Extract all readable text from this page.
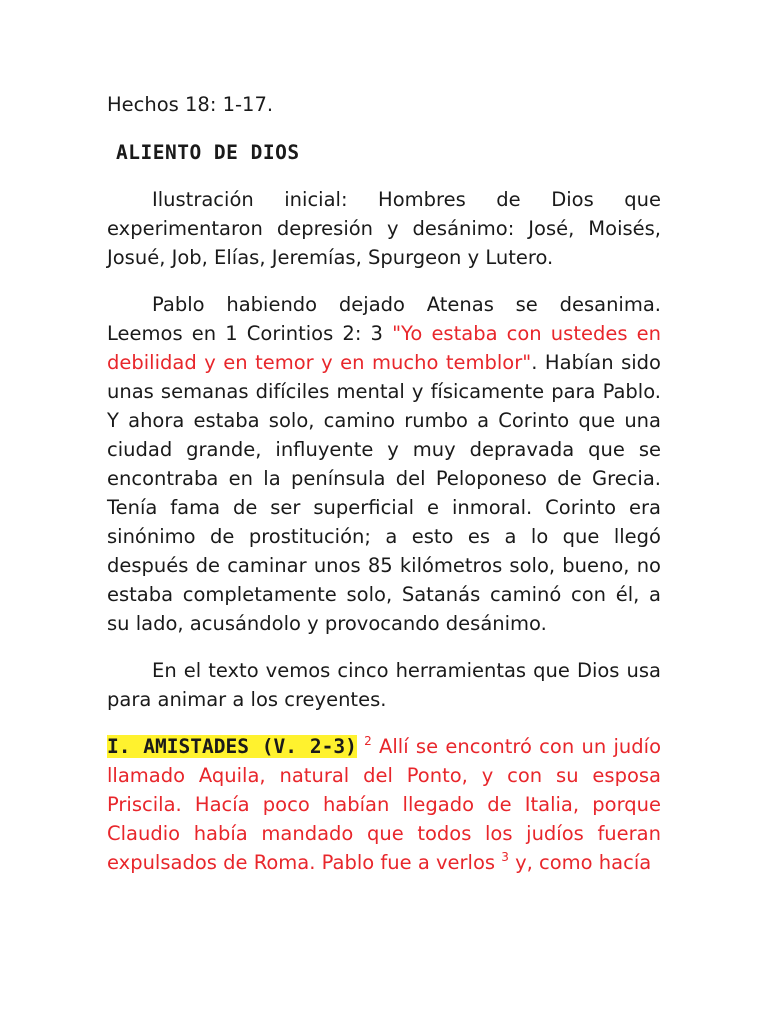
Hechos 18: 1-17.

ALIENTO DE DIOS

Ilustración inicial: Hombres de Dios que experimentaron depresión y desánimo: José, Moisés, Josué, Job, Elías, Jeremías, Spurgeon y Lutero.

Pablo habiendo dejado Atenas se desanima. Leemos en 1 Corintios 2: 3 "Yo estaba con ustedes en debilidad y en temor y en mucho temblor". Habían sido unas semanas difíciles mental y físicamente para Pablo. Y ahora estaba solo, camino rumbo a Corinto que una ciudad grande, influyente y muy depravada que se encontraba en la península del Peloponeso de Grecia. Tenía fama de ser superficial e inmoral. Corinto era sinónimo de prostitución; a esto es a lo que llegó después de caminar unos 85 kilómetros solo, bueno, no estaba completamente solo, Satanás caminó con él, a su lado, acusándolo y provocando desánimo.

En el texto vemos cinco herramientas que Dios usa para animar a los creyentes.

I. AMISTADES (V. 2-3) $^2$ Allí se encontró con un judío llamado Aquila, natural del Ponto, y con su esposa Priscila. Hacía poco habían llegado de Italia, porque Claudio había mandado que todos los judíos fueran expulsados de Roma. Pablo fue a verlos $^3$ y, como hacía
